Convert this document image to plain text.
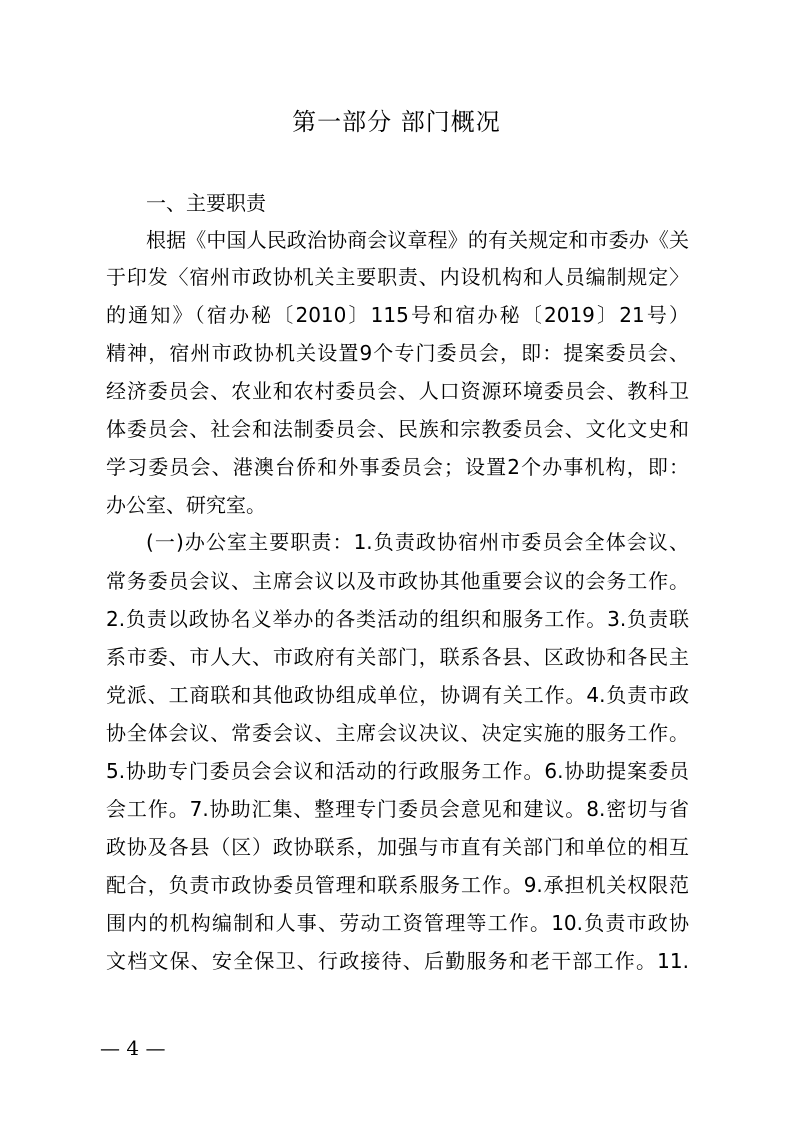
第一部分 部门概况
一、主要职责
根据《中国人民政治协商会议章程》的有关规定和市委办《关
于印发〈宿州市政协机关主要职责、内设机构和人员编制规定〉
的通知》（宿办秘〔2010〕115号和宿办秘〔2019〕21号）
精神，宿州市政协机关设置9个专门委员会，即：提案委员会、
经济委员会、农业和农村委员会、人口资源环境委员会、教科卫
体委员会、社会和法制委员会、民族和宗教委员会、文化文史和
学习委员会、港澳台侨和外事委员会；设置2个办事机构，即：
办公室、研究室。
(一)办公室主要职责：1.负责政协宿州市委员会全体会议、
常务委员会议、主席会议以及市政协其他重要会议的会务工作。
2.负责以政协名义举办的各类活动的组织和服务工作。3.负责联
系市委、市人大、市政府有关部门，联系各县、区政协和各民主
党派、工商联和其他政协组成单位，协调有关工作。4.负责市政
协全体会议、常委会议、主席会议决议、决定实施的服务工作。
5.协助专门委员会会议和活动的行政服务工作。6.协助提案委员
会工作。7.协助汇集、整理专门委员会意见和建议。8.密切与省
政协及各县（区）政协联系，加强与市直有关部门和单位的相互
配合，负责市政协委员管理和联系服务工作。9.承担机关权限范
围内的机构编制和人事、劳动工资管理等工作。10.负责市政协
文档文保、安全保卫、行政接待、后勤服务和老干部工作。11.
— 4 —
